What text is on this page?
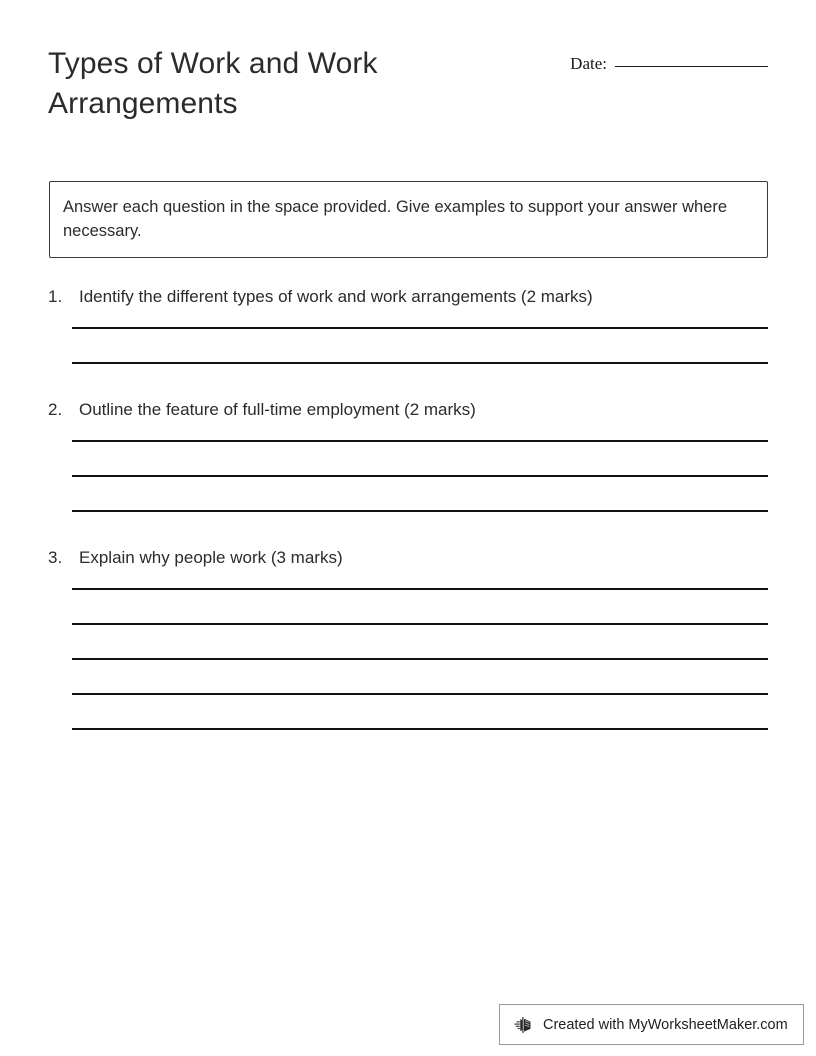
Types of Work and Work Arrangements
Date:

Answer each question in the space provided. Give examples to support your answer where necessary.

1. Identify the different types of work and work arrangements (2 marks)
2. Outline the feature of full-time employment (2 marks)
3. Explain why people work (3 marks)
Created with MyWorksheetMaker.com
